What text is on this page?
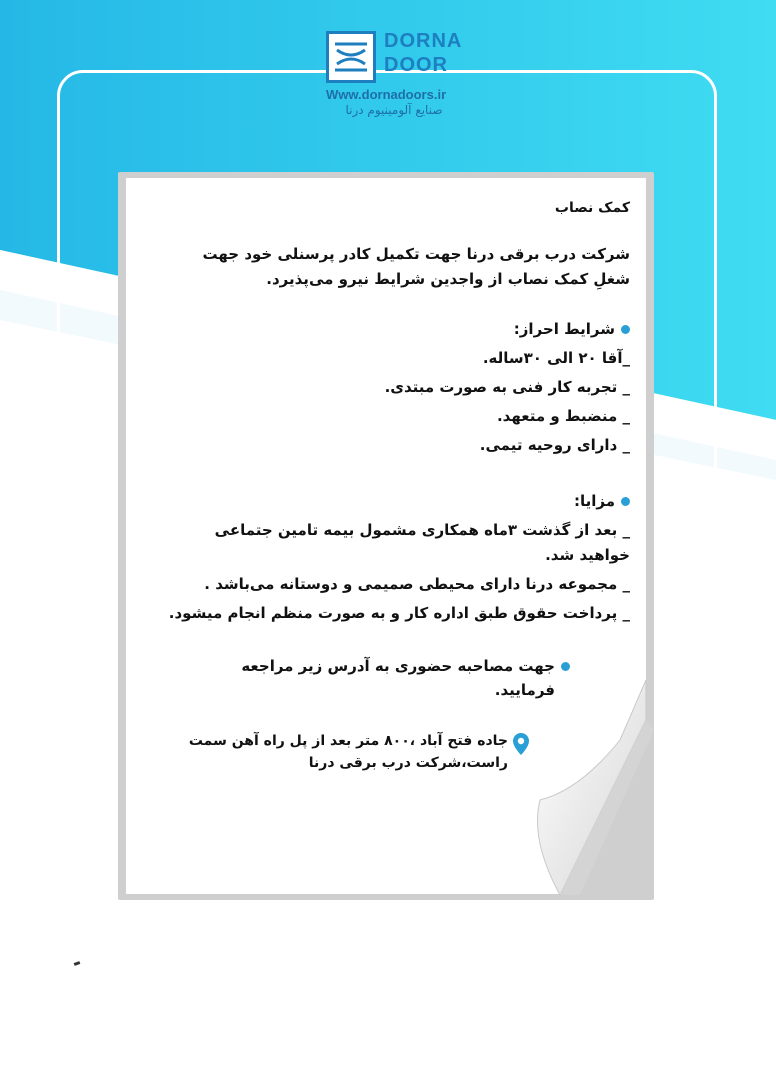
DORNA
DOOR
Www.dornadoors.ir
صنایع آلومینیوم درنا
کمک نصاب
شرکت درب برقی درنا جهت تکمیل کادر پرسنلی خود جهت شغلِ کمک نصاب از واجدین شرایط نیرو می‌پذیرد.
شرایط احراز:
_آقا ۲۰ الی ۳۰ساله.
_ تجربه کار فنی به صورت مبتدی.
_ منضبط و متعهد.
_ دارای روحیه تیمی.
مزایا:
_ بعد از گذشت ۳ماه همکاری مشمول بیمه تامین جتماعی خواهید شد.
_ مجموعه درنا دارای محیطی صمیمی و دوستانه می‌باشد .
_ پرداخت حقوق طبق اداره کار و به صورت منظم انجام میشود.
جهت مصاحبه حضوری به آدرس زیر مراجعه فرمایید.
جاده فتح آباد ،۸۰۰ متر بعد از پل راه آهن سمت راست،شرکت درب برقی درنا
